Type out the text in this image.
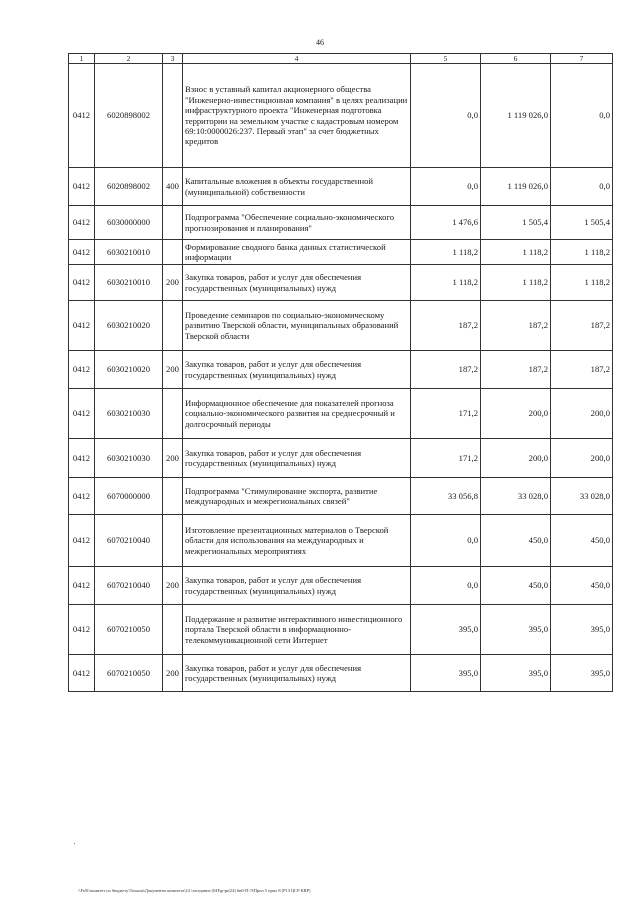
46
1	2	3	4	5	6	7
0412	6020898002		Взнос в уставный капитал акционерного общества "Инженерно-инвестиционная компания" в целях реализации инфраструктурного проекта "Инженерная подготовка территории на земельном участке с кадастровым номером 69:10:0000026:237. Первый этап" за счет бюджетных кредитов	0,0	1 119 026,0	0,0
0412	6020898002	400	Капитальные вложения в объекты государственной (муниципальной) собственности	0,0	1 119 026,0	0,0
0412	6030000000		Подпрограмма "Обеспечение социально-экономического прогнозирования и планирования"	1 476,6	1 505,4	1 505,4
0412	6030210010		Формирование сводного банка данных статистической информации	1 118,2	1 118,2	1 118,2
0412	6030210010	200	Закупка товаров, работ и услуг для обеспечения государственных (муниципальных) нужд	1 118,2	1 118,2	1 118,2
0412	6030210020		Проведение семинаров по социально-экономическому развитию Тверской области, муниципальных образований Тверской области	187,2	187,2	187,2
0412	6030210020	200	Закупка товаров, работ и услуг для обеспечения государственных (муниципальных) нужд	187,2	187,2	187,2
0412	6030210030		Информационное обеспечение для показателей прогноза социально-экономического развития на среднесрочный и долгосрочный периоды	171,2	200,0	200,0
0412	6030210030	200	Закупка товаров, работ и услуг для обеспечения государственных (муниципальных) нужд	171,2	200,0	200,0
0412	6070000000		Подпрограмма "Стимулирование экспорта, развитие международных и межрегиональных связей"	33 056,8	33 028,0	33 028,0
0412	6070210040		Изготовление презентационных материалов о Тверской области для использования на международных и межрегиональных мероприятиях	0,0	450,0	450,0
0412	6070210040	200	Закупка товаров, работ и услуг для обеспечения государственных (муниципальных) нужд	0,0	450,0	450,0
0412	6070210050		Поддержание и развитие интерактивного инвестиционного портала Тверской области в информационно-телекоммуникационной сети Интернет	395,0	395,0	395,0
0412	6070210050	200	Закупка товаров, работ и услуг для обеспечения государственных (муниципальных) нужд	395,0	395,0	395,0
\\Fs01\комитет по бюджету\Тольша\Документы комитета\24 \заседание (04Fgr\pr(24) 6н0-П-Э\Прил 5 прил 8 (Р13 ЦСР КВР)
